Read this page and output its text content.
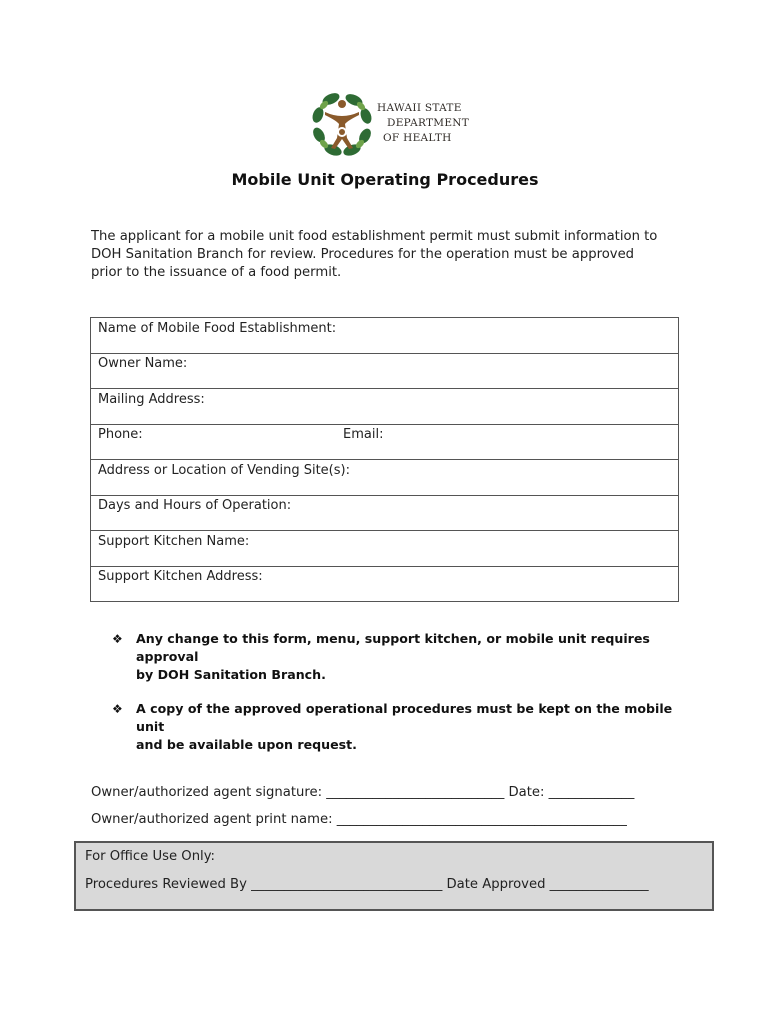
HAWAII STATE
DEPARTMENT
OF HEALTH
Mobile Unit Operating Procedures

The applicant for a mobile unit food establishment permit must submit information to

DOH Sanitation Branch for review. Procedures for the operation must be approved

prior to the issuance of a food permit.

Name of Mobile Food Establishment:
Owner Name:
Mailing Address:
Phone:	Email:
Address or Location of Vending Site(s):
Days and Hours of Operation:
Support Kitchen Name:
Support Kitchen Address:
❖ Any change to this form, menu, support kitchen, or mobile unit requires approval
by DOH Sanitation Branch.
❖ A copy of the approved operational procedures must be kept on the mobile unit
and be available upon request.
Owner/authorized agent signature: ___________________________ Date: _____________
Owner/authorized agent print name: ____________________________________________
For Office Use Only:
Procedures Reviewed By _____________________________ Date Approved _______________
